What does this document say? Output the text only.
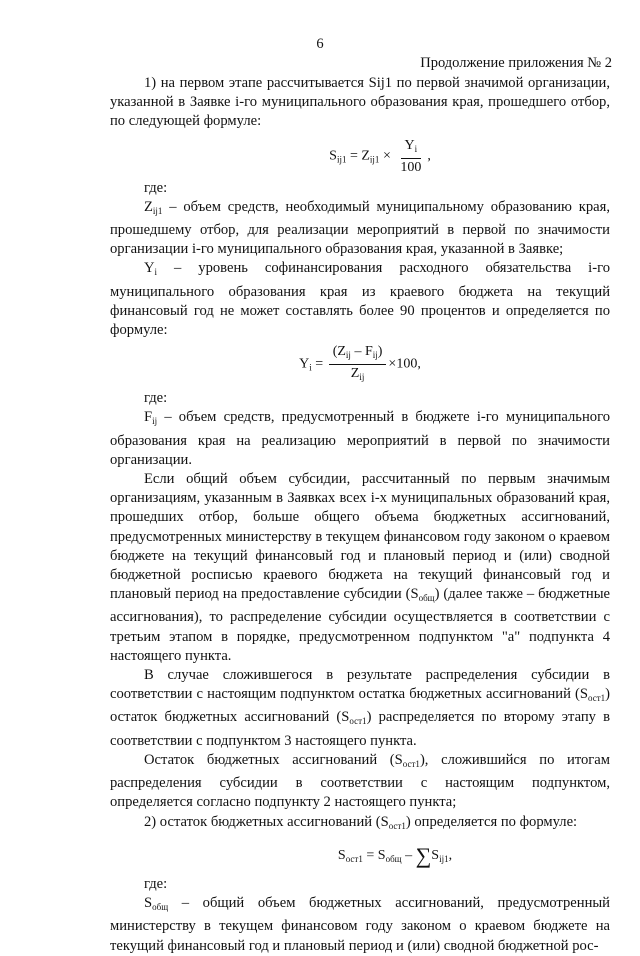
6
Продолжение приложения № 2

1) на первом этапе рассчитывается Sij1 по первой значимой организации, указанной в Заявке i-го муниципального образования края, прошедшего отбор, по следующей формуле:

$S_{ij1} = Z_{ij1} \times \frac{Y_i}{100}$ ,

где:

$Z_{ij1}$ – объем средств, необходимый муниципальному образованию края, прошедшему отбор, для реализации мероприятий в первой по значимости организации i-го муниципального образования края, указанной в Заявке;

$Y_i$ – уровень софинансирования расходного обязательства i-го муниципального образования края из краевого бюджета на текущий финансовый год не может составлять более 90 процентов и определяется по формуле:

$Y_i = \frac{(Z_{ij} - F_{ij})}{Z_{ij}} \times 100$,

где:

$F_{ij}$ – объем средств, предусмотренный в бюджете i-го муниципального образования края на реализацию мероприятий в первой по значимости организации.

Если общий объем субсидии, рассчитанный по первым значимым организациям, указанным в Заявках всех i-х муниципальных образований края, прошедших отбор, больше общего объема бюджетных ассигнований, предусмотренных министерству в текущем финансовом году законом о краевом бюджете на текущий финансовый год и плановый период и (или) сводной бюджетной росписью краевого бюджета на текущий финансовый год и плановый период на предоставление субсидии $(S_{общ})$ (далее также – бюджетные ассигнования), то распределение субсидии осуществляется в соответствии с третьим этапом в порядке, предусмотренном подпунктом "а" подпункта 4 настоящего пункта.

В случае сложившегося в результате распределения субсидии в соответствии с настоящим подпунктом остатка бюджетных ассигнований $(S_{ост1})$ остаток бюджетных ассигнований $(S_{ост1})$ распределяется по второму этапу в соответствии с подпунктом 3 настоящего пункта.

Остаток бюджетных ассигнований $(S_{ост1})$, сложившийся по итогам распределения субсидии в соответствии с настоящим подпунктом, определяется согласно подпункту 2 настоящего пункта;

2) остаток бюджетных ассигнований $(S_{ост1})$ определяется по формуле:

$S_{ост1} = S_{общ} - \sum S_{ij1}$,

где:

$S_{общ}$ – общий объем бюджетных ассигнований, предусмотренный министерству в текущем финансовом году законом о краевом бюджете на текущий финансовый год и плановый период и (или) сводной бюджетной рос-
